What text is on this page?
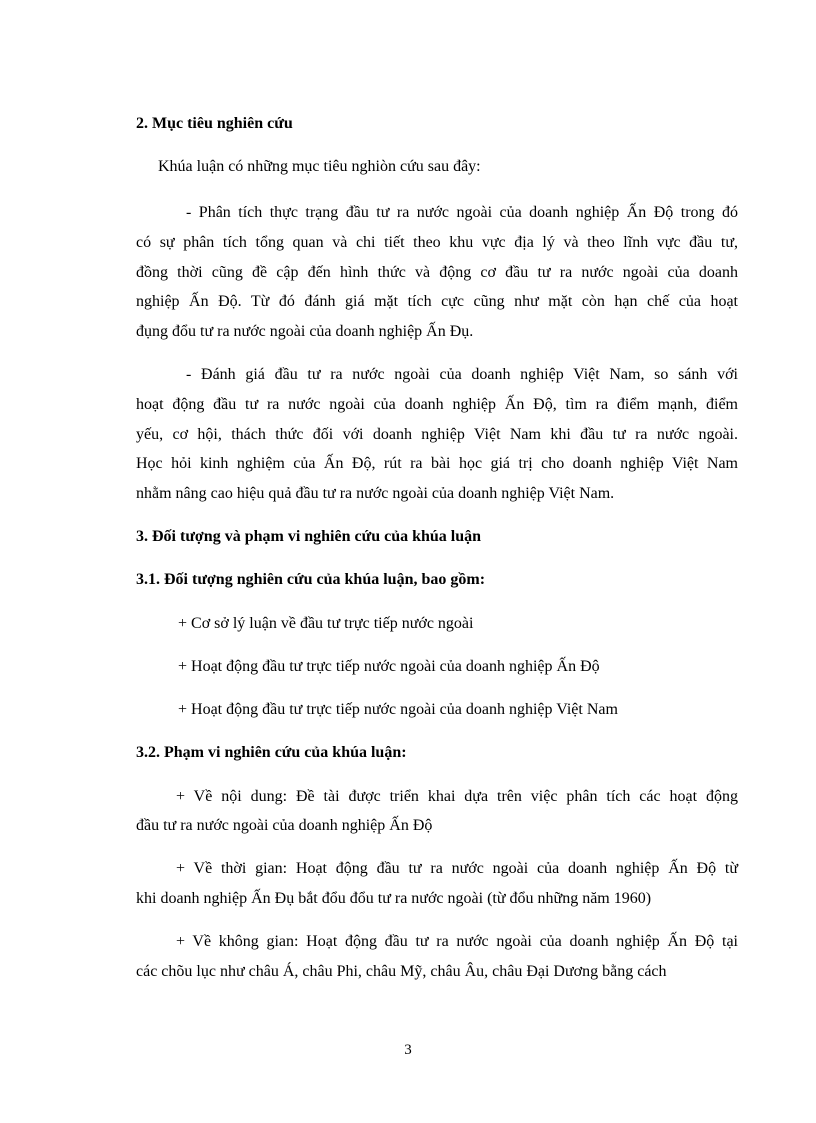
2. Mục tiêu nghiên cứu
Khúa luận có những mục tiêu nghiòn cứu sau đây:
- Phân tích thực trạng đầu tư ra nước ngoài của doanh nghiệp Ấn Độ trong đó
có sự phân tích tổng quan và chi tiết theo khu vực địa lý và theo lĩnh vực đầu tư,
đồng thời cũng đề cập đến hình thức và động cơ đầu tư ra nước ngoài của doanh
nghiệp Ấn Độ. Từ đó đánh giá mặt tích cực cũng như mặt còn hạn chế của hoạt
đụng đổu tư ra nước ngoài của doanh nghiệp Ấn Đụ.
- Đánh giá đầu tư ra nước ngoài của doanh nghiệp Việt Nam, so sánh với
hoạt động đầu tư ra nước ngoài của doanh nghiệp Ấn Độ, tìm ra điểm mạnh, điểm
yếu, cơ hội, thách thức đối với doanh nghiệp Việt Nam khi đầu tư ra nước ngoài.
Học hỏi kinh nghiệm của Ấn Độ, rút ra bài học giá trị cho doanh nghiệp Việt Nam
nhằm nâng cao hiệu quả đầu tư ra nước ngoài của doanh nghiệp Việt Nam.
3. Đối tượng và phạm vi nghiên cứu của khúa luận
3.1. Đối tượng nghiên cứu của khúa luận, bao gồm:
+ Cơ sở lý luận về đầu tư trực tiếp nước ngoài
+ Hoạt động đầu tư trực tiếp nước ngoài của doanh nghiệp Ấn Độ
+ Hoạt động đầu tư trực tiếp nước ngoài của doanh nghiệp Việt Nam
3.2. Phạm vi nghiên cứu của khúa luận:
+ Về nội dung: Đề tài được triển khai dựa trên việc phân tích các hoạt động
đầu tư ra nước ngoài của doanh nghiệp Ấn Độ
+ Về thời gian: Hoạt động đầu tư ra nước ngoài của doanh nghiệp Ấn Độ từ
khi doanh nghiệp Ấn Đụ bắt đổu đổu tư ra nước ngoài (từ đổu những năm 1960)
+ Về không gian: Hoạt động đầu tư ra nước ngoài của doanh nghiệp Ấn Độ tại
các chõu lục như châu Á, châu Phi, châu Mỹ, châu Âu, châu Đại Dương bằng cách
3
